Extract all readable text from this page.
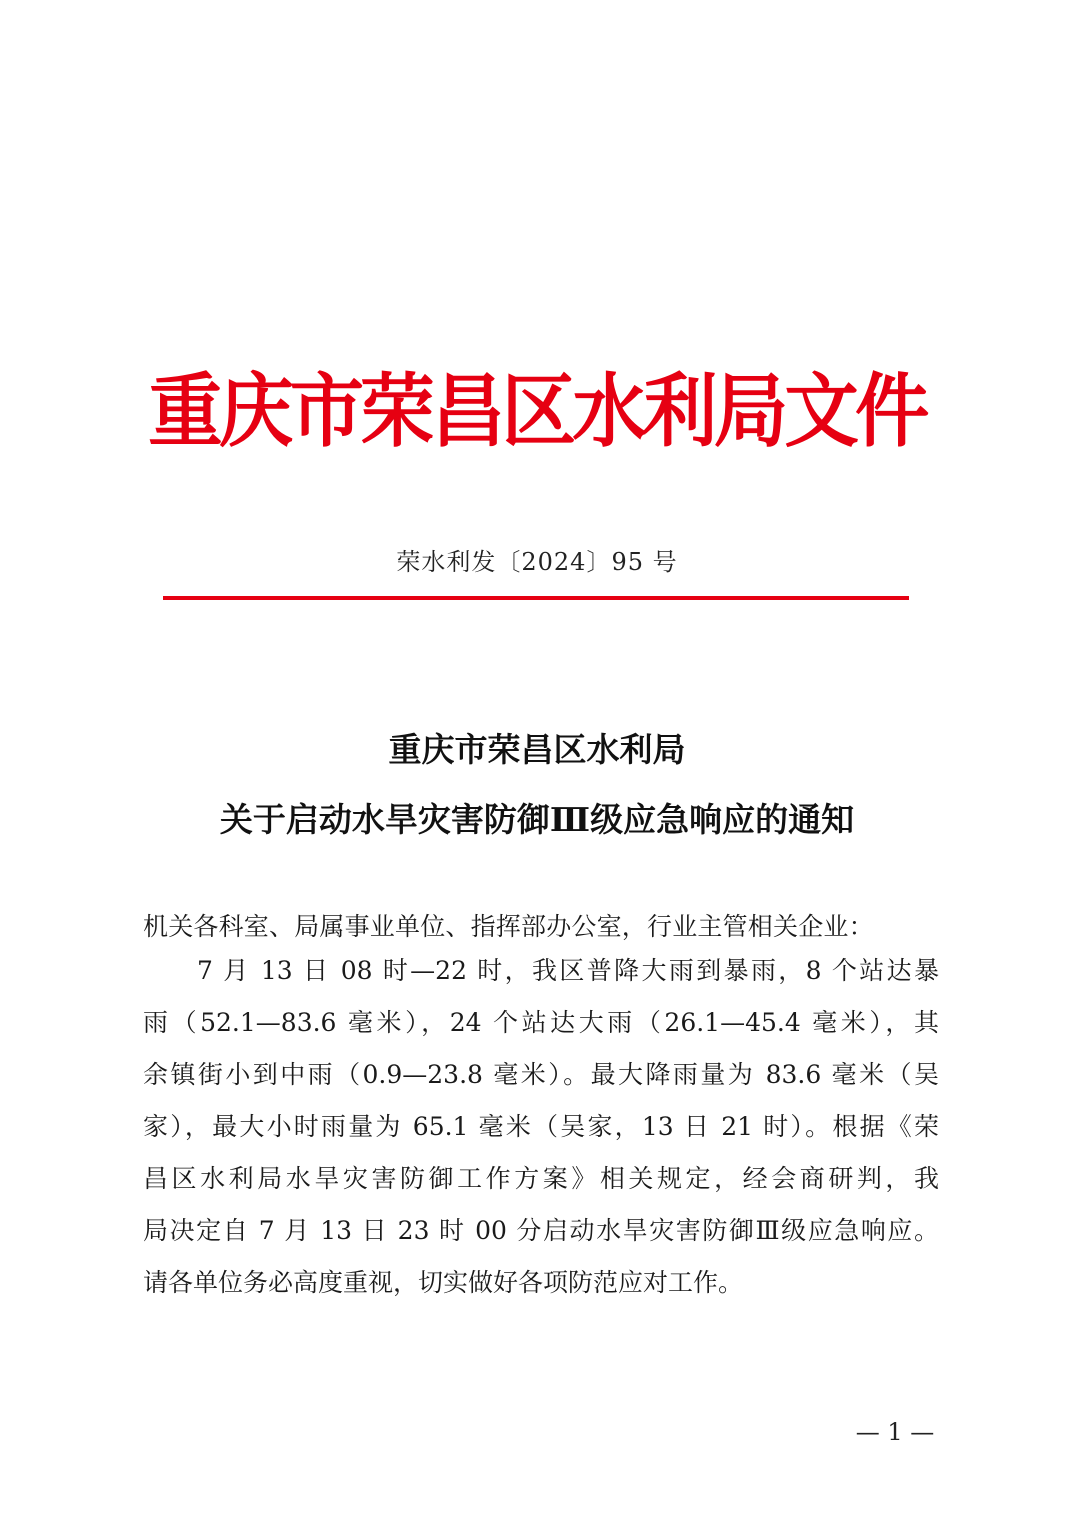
重庆市荣昌区水利局文件
荣水利发〔2024〕95 号
重庆市荣昌区水利局
关于启动水旱灾害防御Ⅲ级应急响应的通知
机关各科室、局属事业单位、指挥部办公室，行业主管相关企业：
7 月 13 日 08 时—22 时，我区普降大雨到暴雨，8 个站达暴
雨（52.1—83.6 毫米），24 个站达大雨（26.1—45.4 毫米），其
余镇街小到中雨（0.9—23.8 毫米）。最大降雨量为 83.6 毫米（吴
家），最大小时雨量为 65.1 毫米（吴家，13 日 21 时）。根据《荣
昌区水利局水旱灾害防御工作方案》相关规定，经会商研判，我
局决定自 7 月 13 日 23 时 00 分启动水旱灾害防御Ⅲ级应急响应。
请各单位务必高度重视，切实做好各项防范应对工作。
— 1 —
